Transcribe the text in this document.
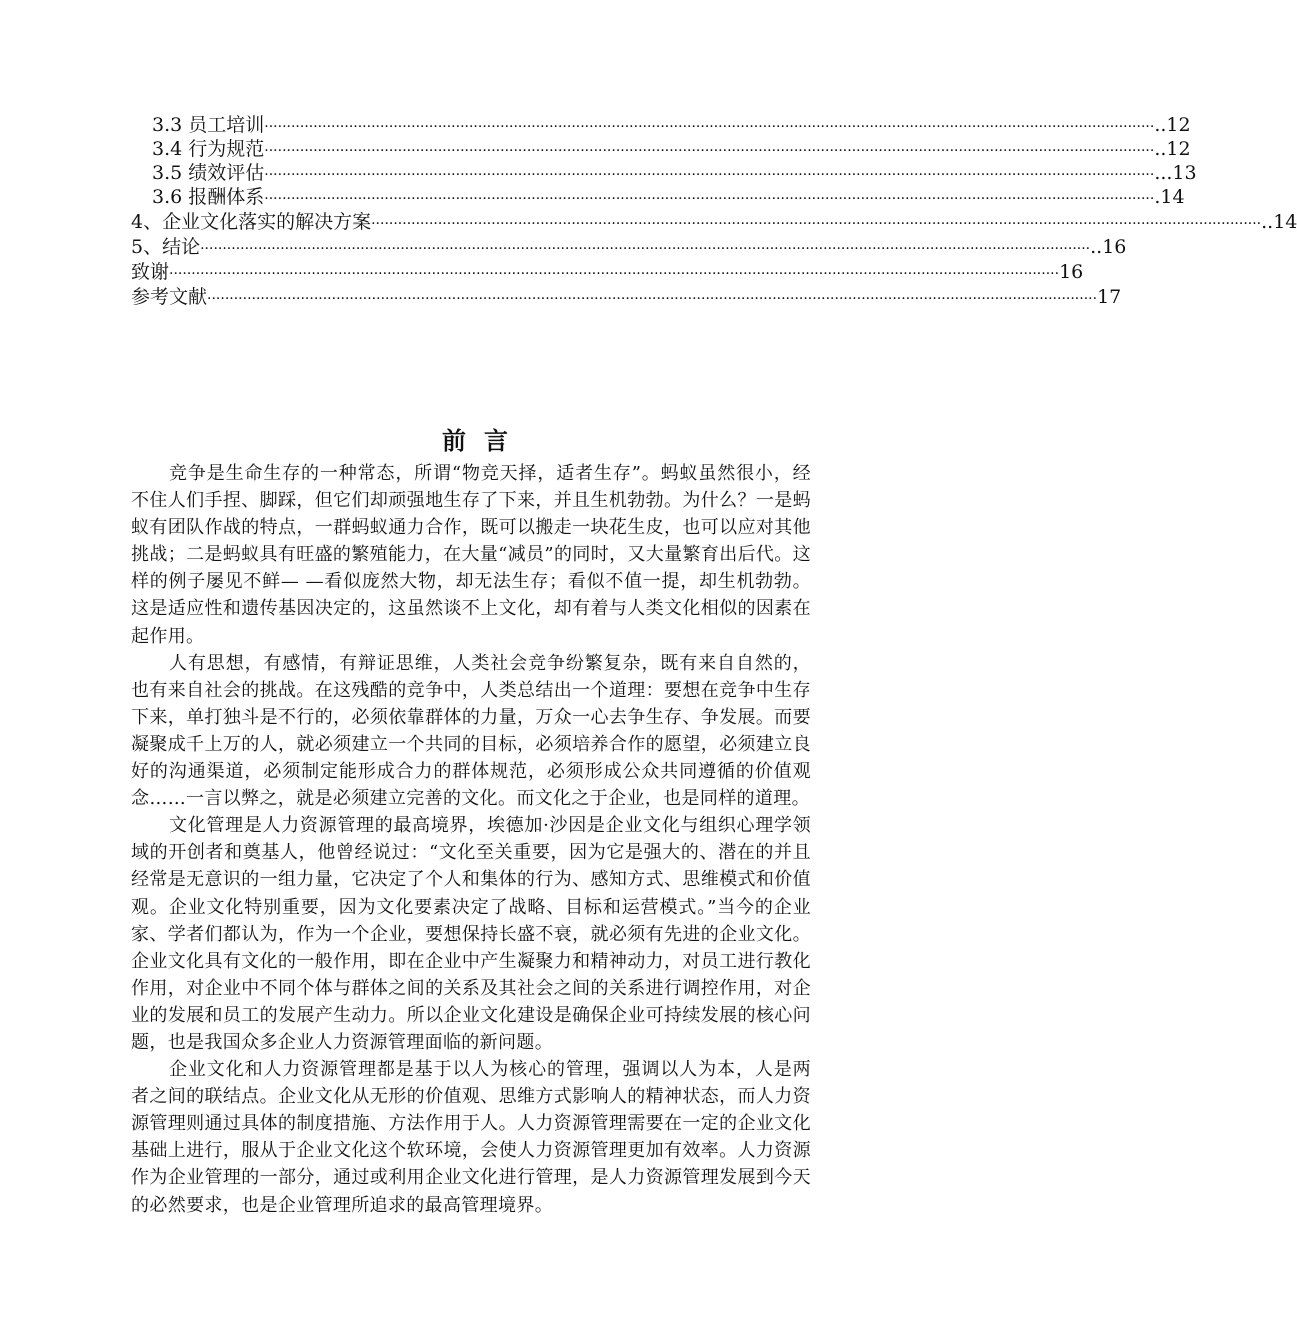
3.3 员工培训 ········································································································································································································ ..12
3.4 行为规范 ········································································································································································································ ..12
3.5 绩效评估 ········································································································································································································ ...13
3.6 报酬体系 ········································································································································································································ .14
4、企业文化落实的解决方案 ········································································································································································································ ..14
5、结论 ········································································································································································································ ..16
致谢 ········································································································································································································ 16
参考文献 ········································································································································································································ 17
前言

竞争是生命生存的一种常态，所谓“物竞天择，适者生存”。蚂蚁虽然很小，经不住人们手捏、脚踩，但它们却顽强地生存了下来，并且生机勃勃。为什么？一是蚂蚁有团队作战的特点，一群蚂蚁通力合作，既可以搬走一块花生皮，也可以应对其他挑战；二是蚂蚁具有旺盛的繁殖能力，在大量“减员”的同时，又大量繁育出后代。这样的例子屡见不鲜— —看似庞然大物，却无法生存；看似不值一提，却生机勃勃。这是适应性和遗传基因决定的，这虽然谈不上文化，却有着与人类文化相似的因素在起作用。

人有思想，有感情，有辩证思维，人类社会竞争纷繁复杂，既有来自自然的，也有来自社会的挑战。在这残酷的竞争中，人类总结出一个道理：要想在竞争中生存下来，单打独斗是不行的，必须依靠群体的力量，万众一心去争生存、争发展。而要凝聚成千上万的人，就必须建立一个共同的目标，必须培养合作的愿望，必须建立良好的沟通渠道，必须制定能形成合力的群体规范，必须形成公众共同遵循的价值观念……一言以弊之，就是必须建立完善的文化。而文化之于企业，也是同样的道理。

文化管理是人力资源管理的最高境界，埃德加·沙因是企业文化与组织心理学领域的开创者和奠基人，他曾经说过：“文化至关重要，因为它是强大的、潜在的并且经常是无意识的一组力量，它决定了个人和集体的行为、感知方式、思维模式和价值观。企业文化特别重要，因为文化要素决定了战略、目标和运营模式。”当今的企业家、学者们都认为，作为一个企业，要想保持长盛不衰，就必须有先进的企业文化。企业文化具有文化的一般作用，即在企业中产生凝聚力和精神动力，对员工进行教化作用，对企业中不同个体与群体之间的关系及其社会之间的关系进行调控作用，对企业的发展和员工的发展产生动力。所以企业文化建设是确保企业可持续发展的核心问题，也是我国众多企业人力资源管理面临的新问题。

企业文化和人力资源管理都是基于以人为核心的管理，强调以人为本，人是两者之间的联结点。企业文化从无形的价值观、思维方式影响人的精神状态，而人力资源管理则通过具体的制度措施、方法作用于人。人力资源管理需要在一定的企业文化基础上进行，服从于企业文化这个软环境，会使人力资源管理更加有效率。人力资源作为企业管理的一部分，通过或利用企业文化进行管理，是人力资源管理发展到今天的必然要求，也是企业管理所追求的最高管理境界。
